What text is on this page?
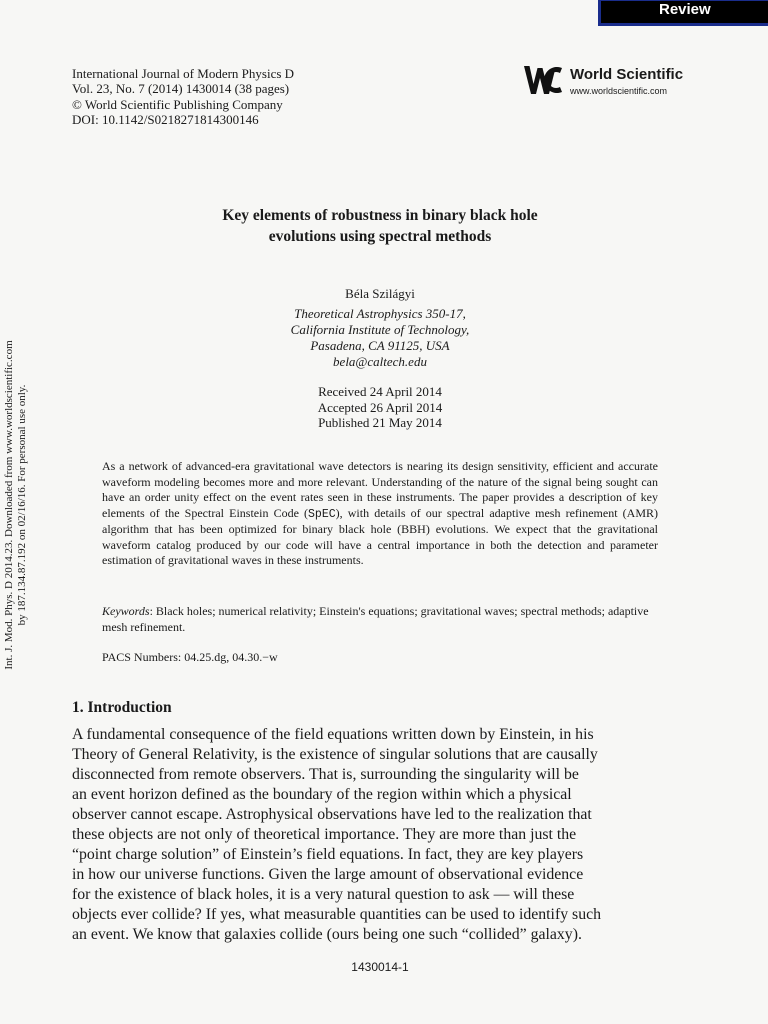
Review
International Journal of Modern Physics D
Vol. 23, No. 7 (2014) 1430014 (38 pages)
© World Scientific Publishing Company
DOI: 10.1142/S0218271814300146
World Scientific
www.worldscientific.com
Key elements of robustness in binary black hole
evolutions using spectral methods
Béla Szilágyi
Theoretical Astrophysics 350-17,
California Institute of Technology,
Pasadena, CA 91125, USA
bela@caltech.edu
Received 24 April 2014
Accepted 26 April 2014
Published 21 May 2014
As a network of advanced-era gravitational wave detectors is nearing its design sensitivity, efficient and accurate waveform modeling becomes more and more relevant. Understanding of the nature of the signal being sought can have an order unity effect on the event rates seen in these instruments. The paper provides a description of key elements of the Spectral Einstein Code (SpEC), with details of our spectral adaptive mesh refinement (AMR) algorithm that has been optimized for binary black hole (BBH) evolutions. We expect that the gravitational waveform catalog produced by our code will have a central importance in both the detection and parameter estimation of gravitational waves in these instruments.
Keywords: Black holes; numerical relativity; Einstein's equations; gravitational waves; spectral methods; adaptive mesh refinement.
PACS Numbers: 04.25.dg, 04.30.−w
Int. J. Mod. Phys. D 2014.23. Downloaded from www.worldscientific.com by 187.134.87.192 on 02/16/16. For personal use only.
1. Introduction
A fundamental consequence of the field equations written down by Einstein, in his
Theory of General Relativity, is the existence of singular solutions that are causally
disconnected from remote observers. That is, surrounding the singularity will be
an event horizon defined as the boundary of the region within which a physical
observer cannot escape. Astrophysical observations have led to the realization that
these objects are not only of theoretical importance. They are more than just the
“point charge solution” of Einstein’s field equations. In fact, they are key players
in how our universe functions. Given the large amount of observational evidence
for the existence of black holes, it is a very natural question to ask — will these
objects ever collide? If yes, what measurable quantities can be used to identify such
an event. We know that galaxies collide (ours being one such “collided” galaxy).
1430014-1
